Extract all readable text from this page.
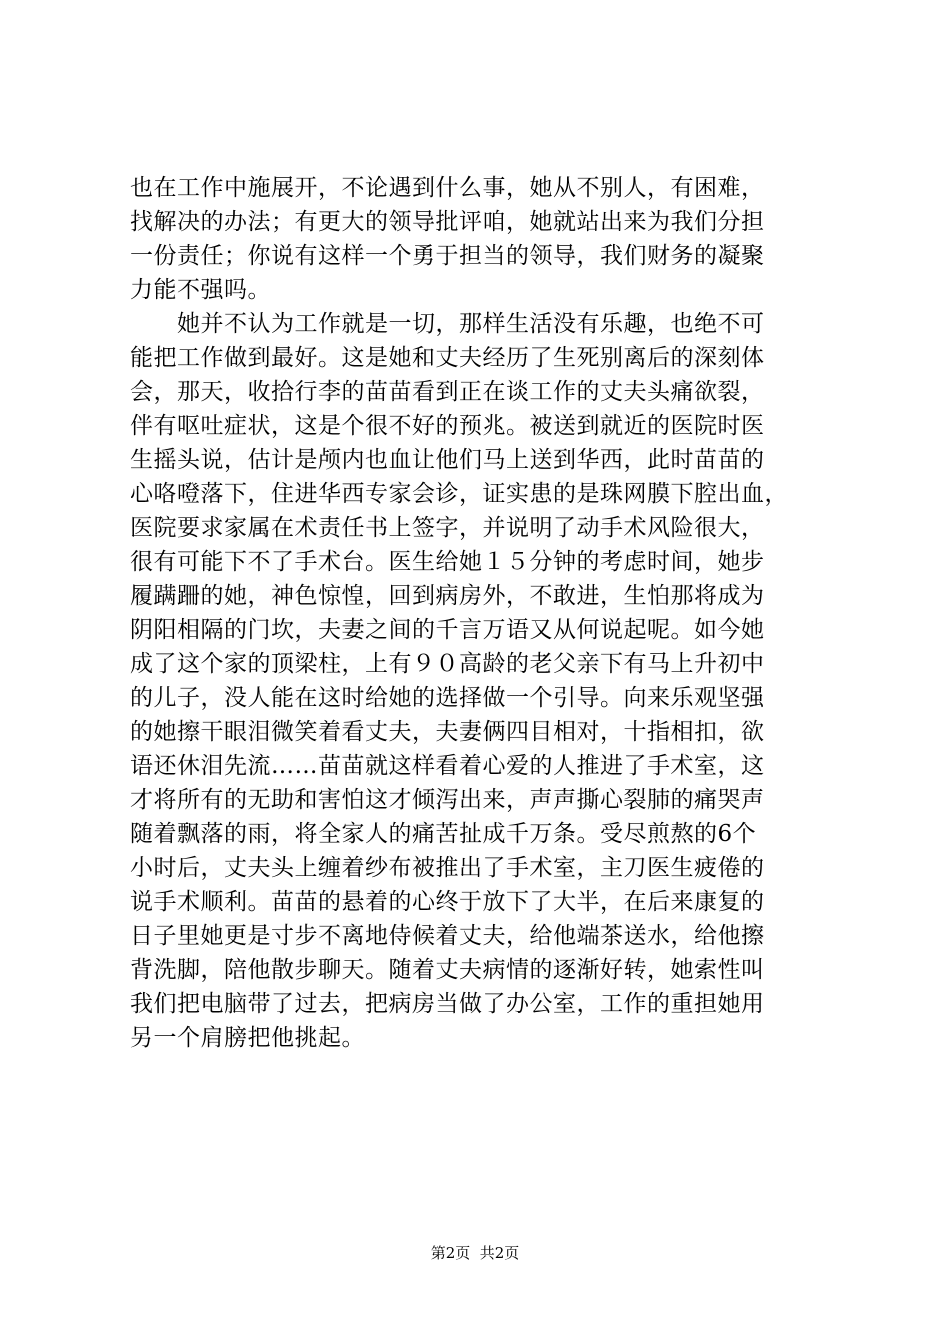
也在工作中施展开，不论遇到什么事，她从不别人，有困难，
找解决的办法；有更大的领导批评咱，她就站出来为我们分担
一份责任；你说有这样一个勇于担当的领导，我们财务的凝聚
力能不强吗。
　　她并不认为工作就是一切，那样生活没有乐趣，也绝不可
能把工作做到最好。这是她和丈夫经历了生死别离后的深刻体
会，那天，收拾行李的苗苗看到正在谈工作的丈夫头痛欲裂，
伴有呕吐症状，这是个很不好的预兆。被送到就近的医院时医
生摇头说，估计是颅内也血让他们马上送到华西，此时苗苗的
心咯噔落下，住进华西专家会诊，证实患的是珠网膜下腔出血，
医院要求家属在术责任书上签字，并说明了动手术风险很大，
很有可能下不了手术台。医生给她１５分钟的考虑时间，她步
履蹒跚的她，神色惊惶，回到病房外，不敢进，生怕那将成为
阴阳相隔的门坎，夫妻之间的千言万语又从何说起呢。如今她
成了这个家的顶梁柱，上有９０高龄的老父亲下有马上升初中
的儿子，没人能在这时给她的选择做一个引导。向来乐观坚强
的她擦干眼泪微笑着看丈夫，夫妻俩四目相对，十指相扣，欲
语还休泪先流……苗苗就这样看着心爱的人推进了手术室，这
才将所有的无助和害怕这才倾泻出来，声声撕心裂肺的痛哭声
随着飘落的雨，将全家人的痛苦扯成千万条。受尽煎熬的6个
小时后，丈夫头上缠着纱布被推出了手术室，主刀医生疲倦的
说手术顺利。苗苗的悬着的心终于放下了大半，在后来康复的
日子里她更是寸步不离地侍候着丈夫，给他端茶送水，给他擦
背洗脚，陪他散步聊天。随着丈夫病情的逐渐好转，她索性叫
我们把电脑带了过去，把病房当做了办公室，工作的重担她用
另一个肩膀把他挑起。
第2页  共2页
